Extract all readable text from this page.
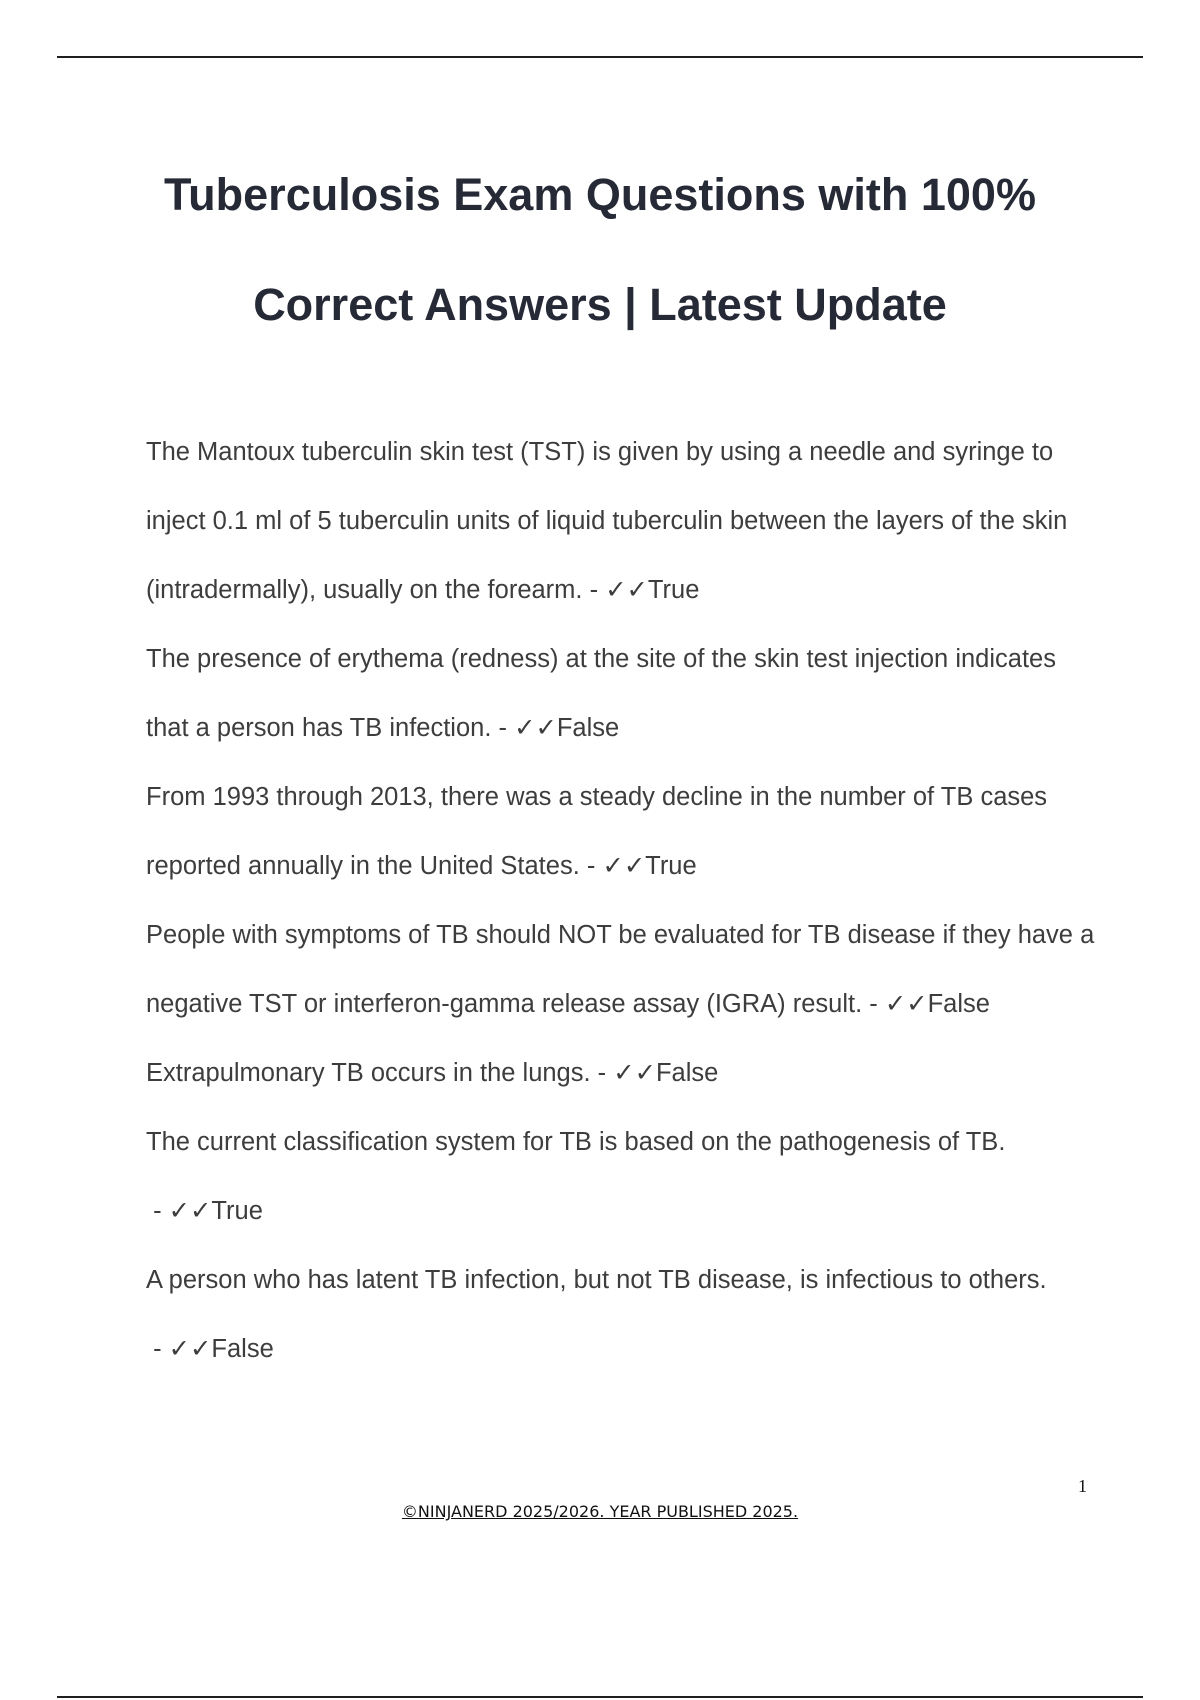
Tuberculosis Exam Questions with 100%
Correct Answers | Latest Update
The Mantoux tuberculin skin test (TST) is given by using a needle and syringe to inject 0.1 ml of 5 tuberculin units of liquid tuberculin between the layers of the skin (intradermally), usually on the forearm. - ✓✓True
The presence of erythema (redness) at the site of the skin test injection indicates that a person has TB infection. - ✓✓False
From 1993 through 2013, there was a steady decline in the number of TB cases reported annually in the United States. - ✓✓True
People with symptoms of TB should NOT be evaluated for TB disease if they have a negative TST or interferon-gamma release assay (IGRA) result. - ✓✓False
Extrapulmonary TB occurs in the lungs. - ✓✓False
The current classification system for TB is based on the pathogenesis of TB. - ✓✓True
A person who has latent TB infection, but not TB disease, is infectious to others. - ✓✓False
1
©NINJANERD 2025/2026. YEAR PUBLISHED 2025.
